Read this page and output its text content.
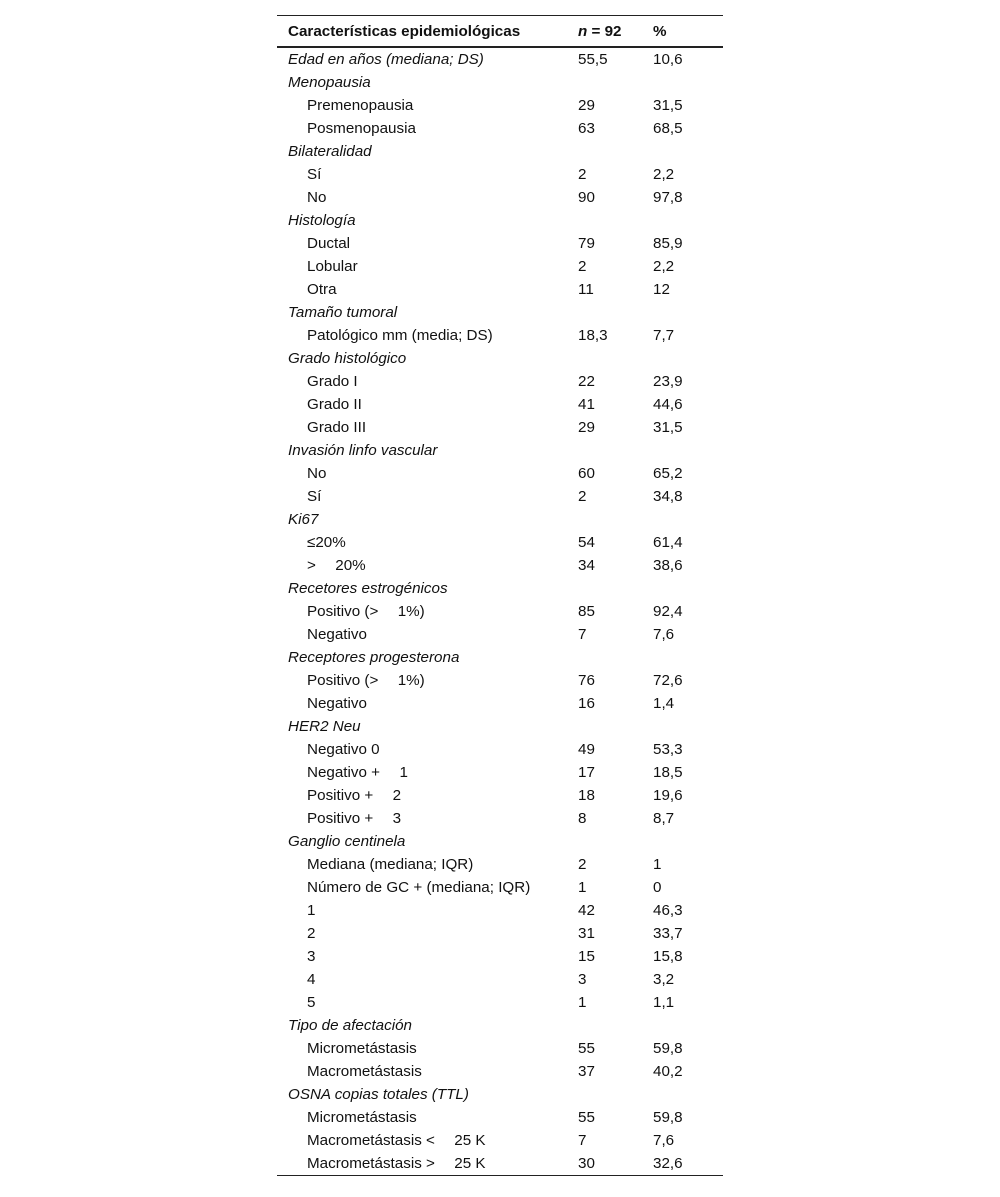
Características epidemiológicas	n = 92	%
Edad en años (mediana; DS)	55,5	10,6
Menopausia		
Premenopausia	29	31,5
Posmenopausia	63	68,5
Bilateralidad		
Sí	2	2,2
No	90	97,8
Histología		
Ductal	79	85,9
Lobular	2	2,2
Otra	11	12
Tamaño tumoral		
Patológico mm (media; DS)	18,3	7,7
Grado histológico		
Grado I	22	23,9
Grado II	41	44,6
Grado III	29	31,5
Invasión linfo vascular		
No	60	65,2
Sí	2	34,8
Ki67		
≤20%	54	61,4
>  20%	34	38,6
Recetores estrogénicos		
Positivo (>  1%)	85	92,4
Negativo	7	7,6
Receptores progesterona		
Positivo (>  1%)	76	72,6
Negativo	16	1,4
HER2 Neu		
Negativo 0	49	53,3
Negativo +  1	17	18,5
Positivo +  2	18	19,6
Positivo +  3	8	8,7
Ganglio centinela		
Mediana (mediana; IQR)	2	1
Número de GC + (mediana; IQR)	1	0
1	42	46,3
2	31	33,7
3	15	15,8
4	3	3,2
5	1	1,1
Tipo de afectación		
Micrometástasis	55	59,8
Macrometástasis	37	40,2
OSNA copias totales (TTL)		
Micrometástasis	55	59,8
Macrometástasis <  25 K	7	7,6
Macrometástasis >  25 K	30	32,6
